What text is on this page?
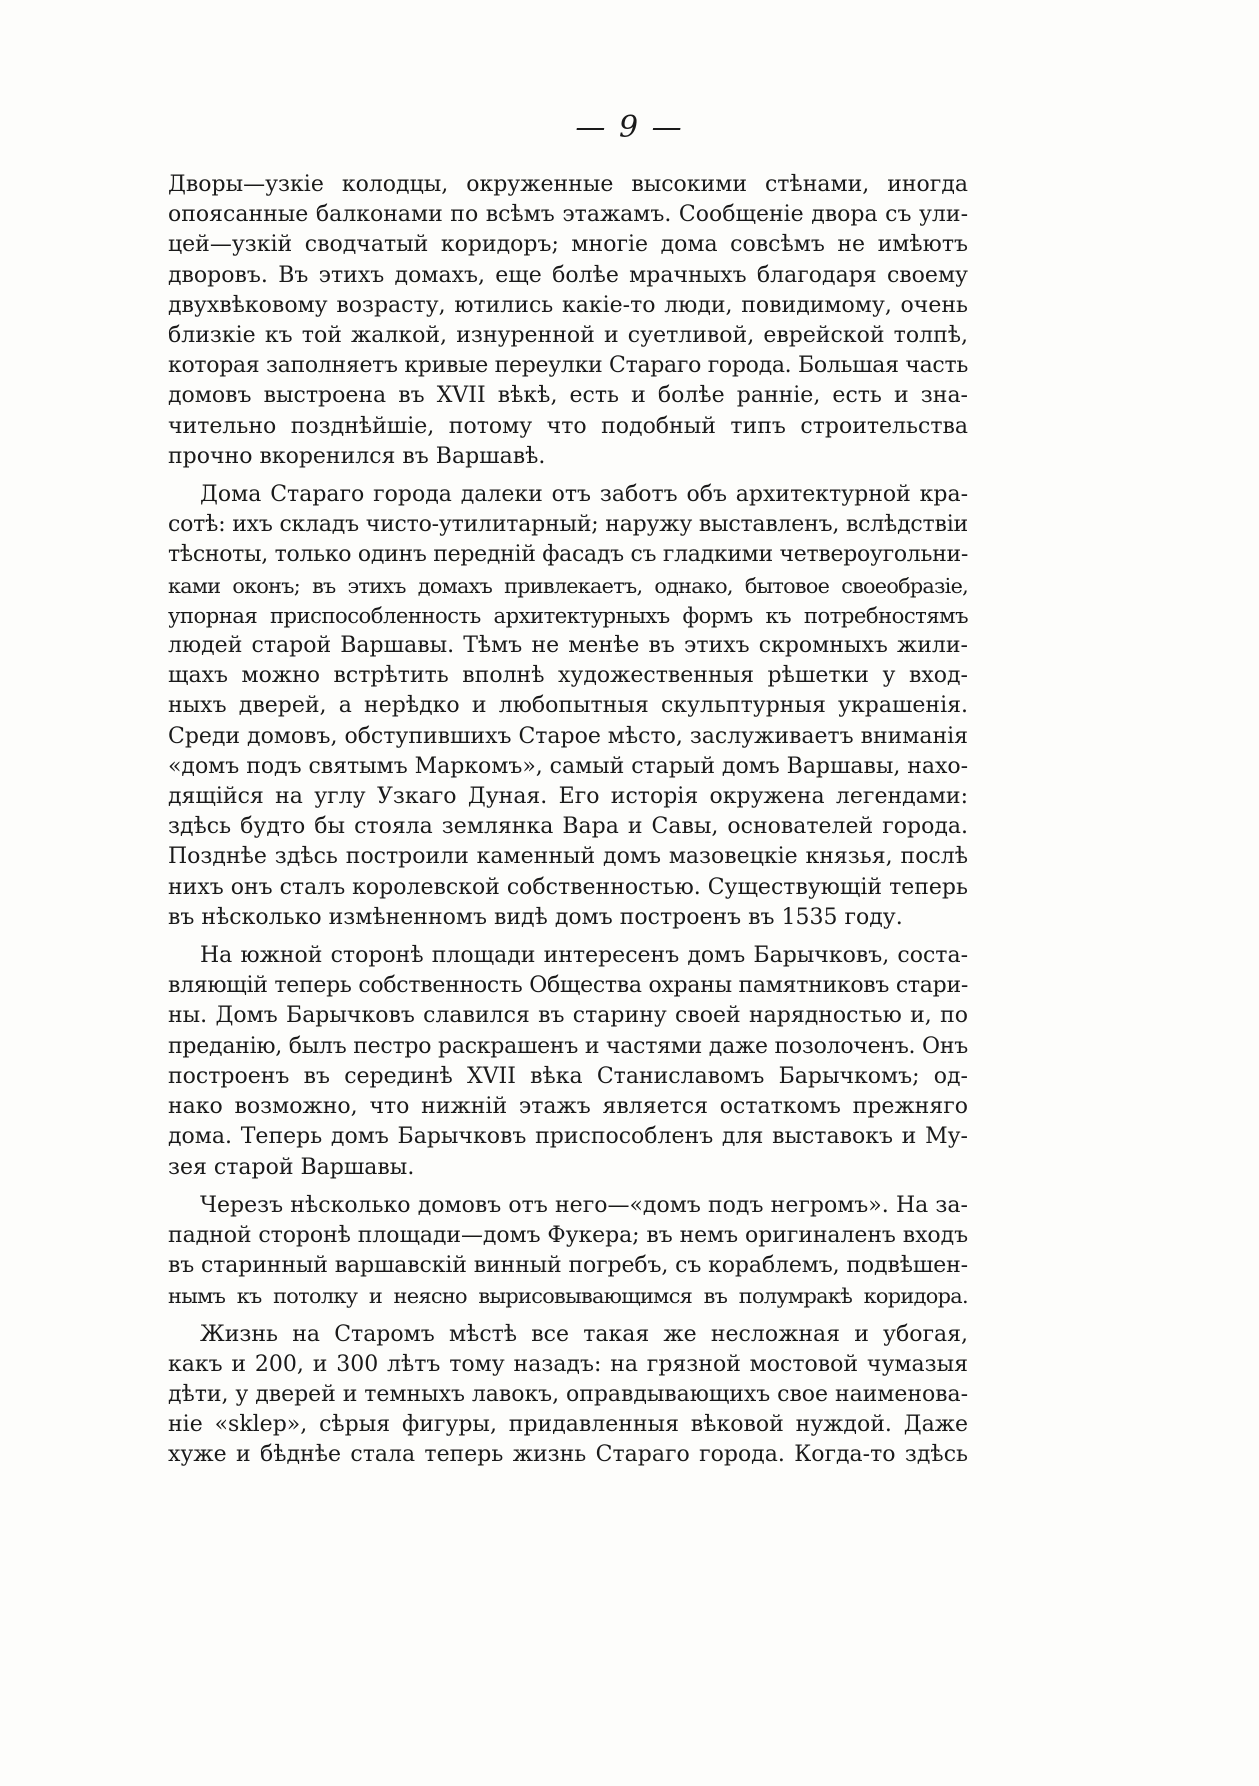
— 9 —
Дворы—узкіе колодцы, окруженные высокими стѣнами, иногда
опоясанные балконами по всѣмъ этажамъ. Сообщеніе двора съ ули-
цей—узкій сводчатый коридоръ; многіе дома совсѣмъ не имѣютъ
дворовъ. Въ этихъ домахъ, еще болѣе мрачныхъ благодаря своему
двухвѣковому возрасту, ютились какіе-то люди, повидимому, очень
близкіе къ той жалкой, изнуренной и суетливой, еврейской толпѣ,
которая заполняетъ кривые переулки Стараго города. Большая часть
домовъ выстроена въ XVII вѣкѣ, есть и болѣе ранніе, есть и зна-
чительно позднѣйшіе, потому что подобный типъ строительства
прочно вкоренился въ Варшавѣ.
Дома Стараго города далеки отъ заботъ объ архитектурной кра-
сотѣ: ихъ складъ чисто-утилитарный; наружу выставленъ, вслѣдствіи
тѣсноты, только одинъ передній фасадъ съ гладкими четвероугольни-
ками оконъ; въ этихъ домахъ привлекаетъ, однако, бытовое своеобразіе,
упорная приспособленность архитектурныхъ формъ къ потребностямъ
людей старой Варшавы. Тѣмъ не менѣе въ этихъ скромныхъ жили-
щахъ можно встрѣтить вполнѣ художественныя рѣшетки у вход-
ныхъ дверей, а нерѣдко и любопытныя скульптурныя украшенія.
Среди домовъ, обступившихъ Старое мѣсто, заслуживаетъ вниманія
«домъ подъ святымъ Маркомъ», самый старый домъ Варшавы, нахо-
дящійся на углу Узкаго Дуная. Его исторія окружена легендами:
здѣсь будто бы стояла землянка Вара и Савы, основателей города.
Позднѣе здѣсь построили каменный домъ мазовецкіе князья, послѣ
нихъ онъ сталъ королевской собственностью. Существующій теперь
въ нѣсколько измѣненномъ видѣ домъ построенъ въ 1535 году.
На южной сторонѣ площади интересенъ домъ Барычковъ, соста-
вляющій теперь собственность Общества охраны памятниковъ стари-
ны. Домъ Барычковъ славился въ старину своей нарядностью и, по
преданію, былъ пестро раскрашенъ и частями даже позолоченъ. Онъ
построенъ въ серединѣ XVII вѣка Станиславомъ Барычкомъ; од-
нако возможно, что нижній этажъ является остаткомъ прежняго
дома. Теперь домъ Барычковъ приспособленъ для выставокъ и Му-
зея старой Варшавы.
Черезъ нѣсколько домовъ отъ него—«домъ подъ негромъ». На за-
падной сторонѣ площади—домъ Фукера; въ немъ оригиналенъ входъ
въ старинный варшавскій винный погребъ, съ кораблемъ, подвѣшен-
нымъ къ потолку и неясно вырисовывающимся въ полумракѣ коридора.
Жизнь на Старомъ мѣстѣ все такая же несложная и убогая,
какъ и 200, и 300 лѣтъ тому назадъ: на грязной мостовой чумазыя
дѣти, у дверей и темныхъ лавокъ, оправдывающихъ свое наименова-
ніе «sklep», сѣрыя фигуры, придавленныя вѣковой нуждой. Даже
хуже и бѣднѣе стала теперь жизнь Стараго города. Когда-то здѣсь
